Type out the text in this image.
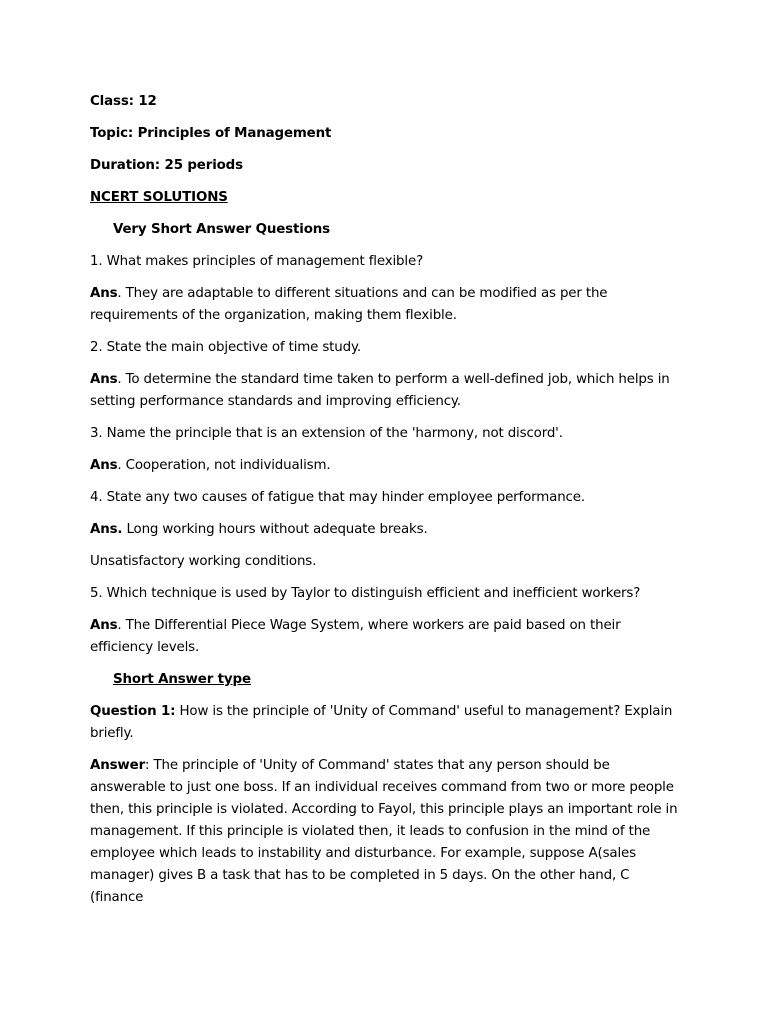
Class: 12

Topic: Principles of Management

Duration: 25 periods

NCERT SOLUTIONS

Very Short Answer Questions

1. What makes principles of management flexible?

Ans. They are adaptable to different situations and can be modified as per the requirements of the organization, making them flexible.

2. State the main objective of time study.

Ans. To determine the standard time taken to perform a well-defined job, which helps in setting performance standards and improving efficiency.

3. Name the principle that is an extension of the 'harmony, not discord'.

Ans. Cooperation, not individualism.

4. State any two causes of fatigue that may hinder employee performance.

Ans. Long working hours without adequate breaks.

Unsatisfactory working conditions.

5. Which technique is used by Taylor to distinguish efficient and inefficient workers?

Ans. The Differential Piece Wage System, where workers are paid based on their efficiency levels.

Short Answer type

Question 1: How is the principle of 'Unity of Command' useful to management? Explain briefly.

Answer: The principle of 'Unity of Command' states that any person should be answerable to just one boss. If an individual receives command from two or more people then, this principle is violated. According to Fayol, this principle plays an important role in management. If this principle is violated then, it leads to confusion in the mind of the employee which leads to instability and disturbance. For example, suppose A(sales manager) gives B a task that has to be completed in 5 days. On the other hand, C (finance
